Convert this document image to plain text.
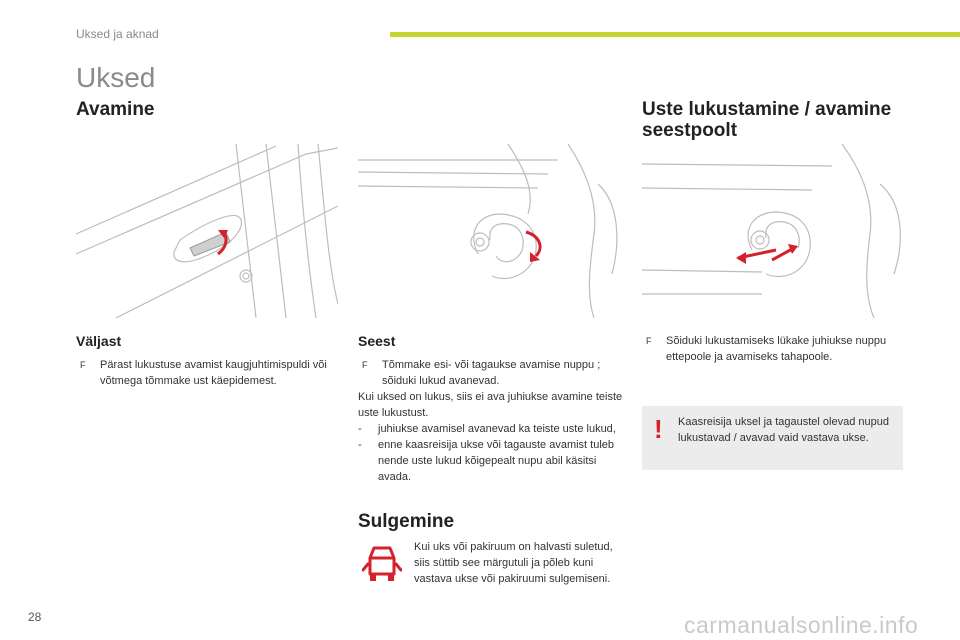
Uksed ja aknad
Uksed
Avamine	Uste lukustamine / avamine seestpoolt
Väljast	Seest
F Pärast lukustuse avamist kaugjuhtimispuldi või võtmega tõmmake ust käepidemest.
F Tõmmake esi- või tagaukse avamise nuppu ; sõiduki lukud avanevad.
Kui uksed on lukus, siis ei ava juhiukse avamine teiste uste lukustust.
- juhiukse avamisel avanevad ka teiste uste lukud,
- enne kaasreisija ukse või tagauste avamist tuleb nende uste lukud kõigepealt nupu abil käsitsi avada.
F Sõiduki lukustamiseks lükake juhiukse nuppu ettepoole ja avamiseks tahapoole.
! Kaasreisija uksel ja tagaustel olevad nupud lukustavad / avavad vaid vastava ukse.
Sulgemine
Kui uks või pakiruum on halvasti suletud, siis süttib see märgutuli ja põleb kuni vastava ukse või pakiruumi sulgemiseni.
28	carmanualsonline.info
